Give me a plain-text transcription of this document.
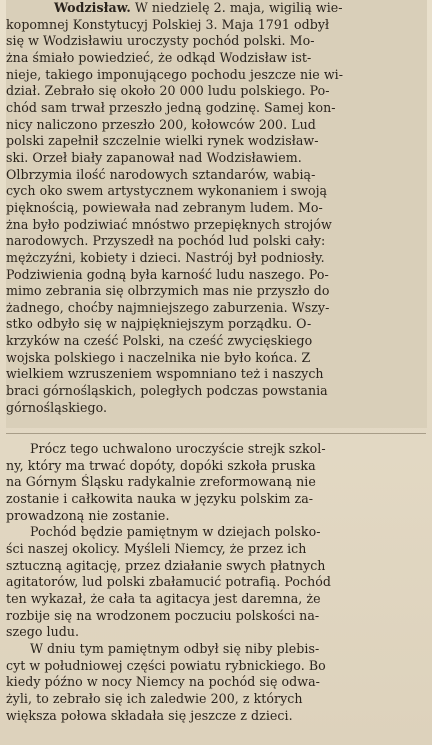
Wodzisław. W niedzielę 2. maja, wigilią wie-
kopomnej Konstytucyj Polskiej 3. Maja 1791 odbył
się w Wodzisławiu uroczysty pochód polski. Mo-
żna śmiało powiedzieć, że odkąd Wodzisław ist-
nieje, takiego imponującego pochodu jeszcze nie wi-
dział. Zebrało się około 20 000 ludu polskiego. Po-
chód sam trwał przeszło jedną godzinę. Samej kon-
nicy naliczono przeszło 200, kołowców 200. Lud
polski zapełnił szczelnie wielki rynek wodzisław-
ski. Orzeł biały zapanował nad Wodzisławiem.
Olbrzymia ilość narodowych sztandarów, wabią-
cych oko swem artystycznem wykonaniem i swoją
pięknością, powiewała nad zebranym ludem. Mo-
żna było podziwiać mnóstwo przepięknych strojów
narodowych. Przyszedł na pochód lud polski cały:
mężczyźni, kobiety i dzieci. Nastrój był podniosły.
Podziwienia godną była karność ludu naszego. Po-
mimo zebrania się olbrzymich mas nie przyszło do
żadnego, choćby najmniejszego zaburzenia. Wszy-
stko odbyło się w najpiękniejszym porządku. O-
krzyków na cześć Polski, na cześć zwycięskiego
wojska polskiego i naczelnika nie było końca. Z
wielkiem wzruszeniem wspomniano też i naszych
braci górnośląskich, poległych podczas powstania
górnośląskiego.
Prócz tego uchwalono uroczyście strejk szkol-
ny, który ma trwać dopóty, dopóki szkoła pruska
na Górnym Śląsku radykalnie zreformowaną nie
zostanie i całkowita nauka w języku polskim za-
prowadzoną nie zostanie.
Pochód będzie pamiętnym w dziejach polsko-
ści naszej okolicy. Myśleli Niemcy, że przez ich
sztuczną agitację, przez działanie swych płatnych
agitatorów, lud polski zbałamucić potrafią. Pochód
ten wykazał, że cała ta agitacya jest daremna, że
rozbije się na wrodzonem poczuciu polskości na-
szego ludu.
W dniu tym pamiętnym odbył się niby plebis-
cyt w południowej części powiatu rybnickiego. Bo
kiedy późno w nocy Niemcy na pochód się odwa-
żyli, to zebrało się ich zaledwie 200, z których
większa połowa składała się jeszcze z dzieci.
